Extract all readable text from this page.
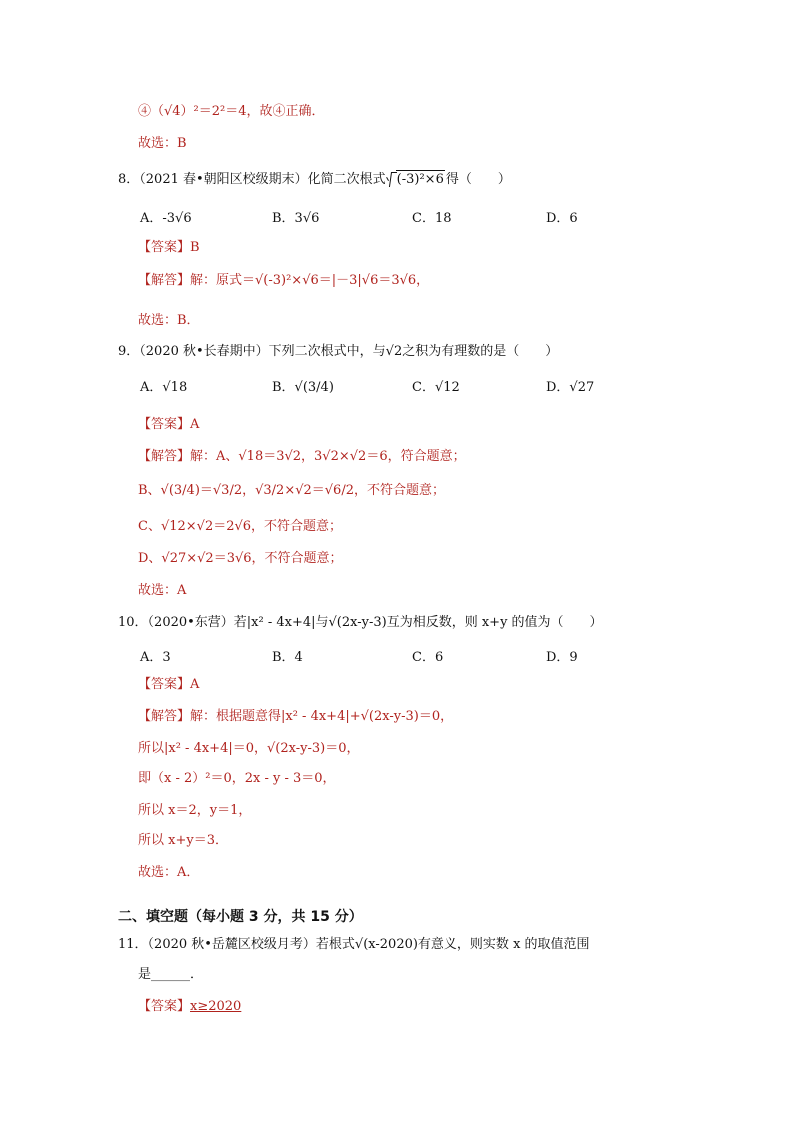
④（√4）²＝2²＝4，故④正确．
故选：B
8．（2021 春•朝阳区校级期末）化简二次根式 (-3)²×6 得（　　）
A．-3√6	B．3√6	C．18	D．6
【答案】B
【解答】解：原式＝√(-3)²×√6＝|－3|√6＝3√6，
故选：B．
9．（2020 秋•长春期中）下列二次根式中，与√2之积为有理数的是（　　）
A．√18	B．√(3/4)	C．√12	D．√27
【答案】A
【解答】解：A、√18＝3√2，3√2×√2＝6，符合题意；
B、√(3/4)＝√3/2，√3/2×√2＝√6/2，不符合题意；
C、√12×√2＝2√6，不符合题意；
D、√27×√2＝3√6，不符合题意；
故选：A
10．（2020•东营）若|x² - 4x+4|与√(2x-y-3)互为相反数，则 x+y 的值为（　　）
A．3	B．4	C．6	D．9
【答案】A
【解答】解：根据题意得|x² - 4x+4|+√(2x-y-3)＝0，
所以|x² - 4x+4|＝0，√(2x-y-3)＝0，
即（x - 2）²＝0，2x - y - 3＝0，
所以 x＝2，y＝1，
所以 x+y＝3．
故选：A．
二、填空题（每小题 3 分，共 15 分）
11．（2020 秋•岳麓区校级月考）若根式√(x-2020)有意义，则实数 x 的取值范围
是______．
【答案】x≥2020
